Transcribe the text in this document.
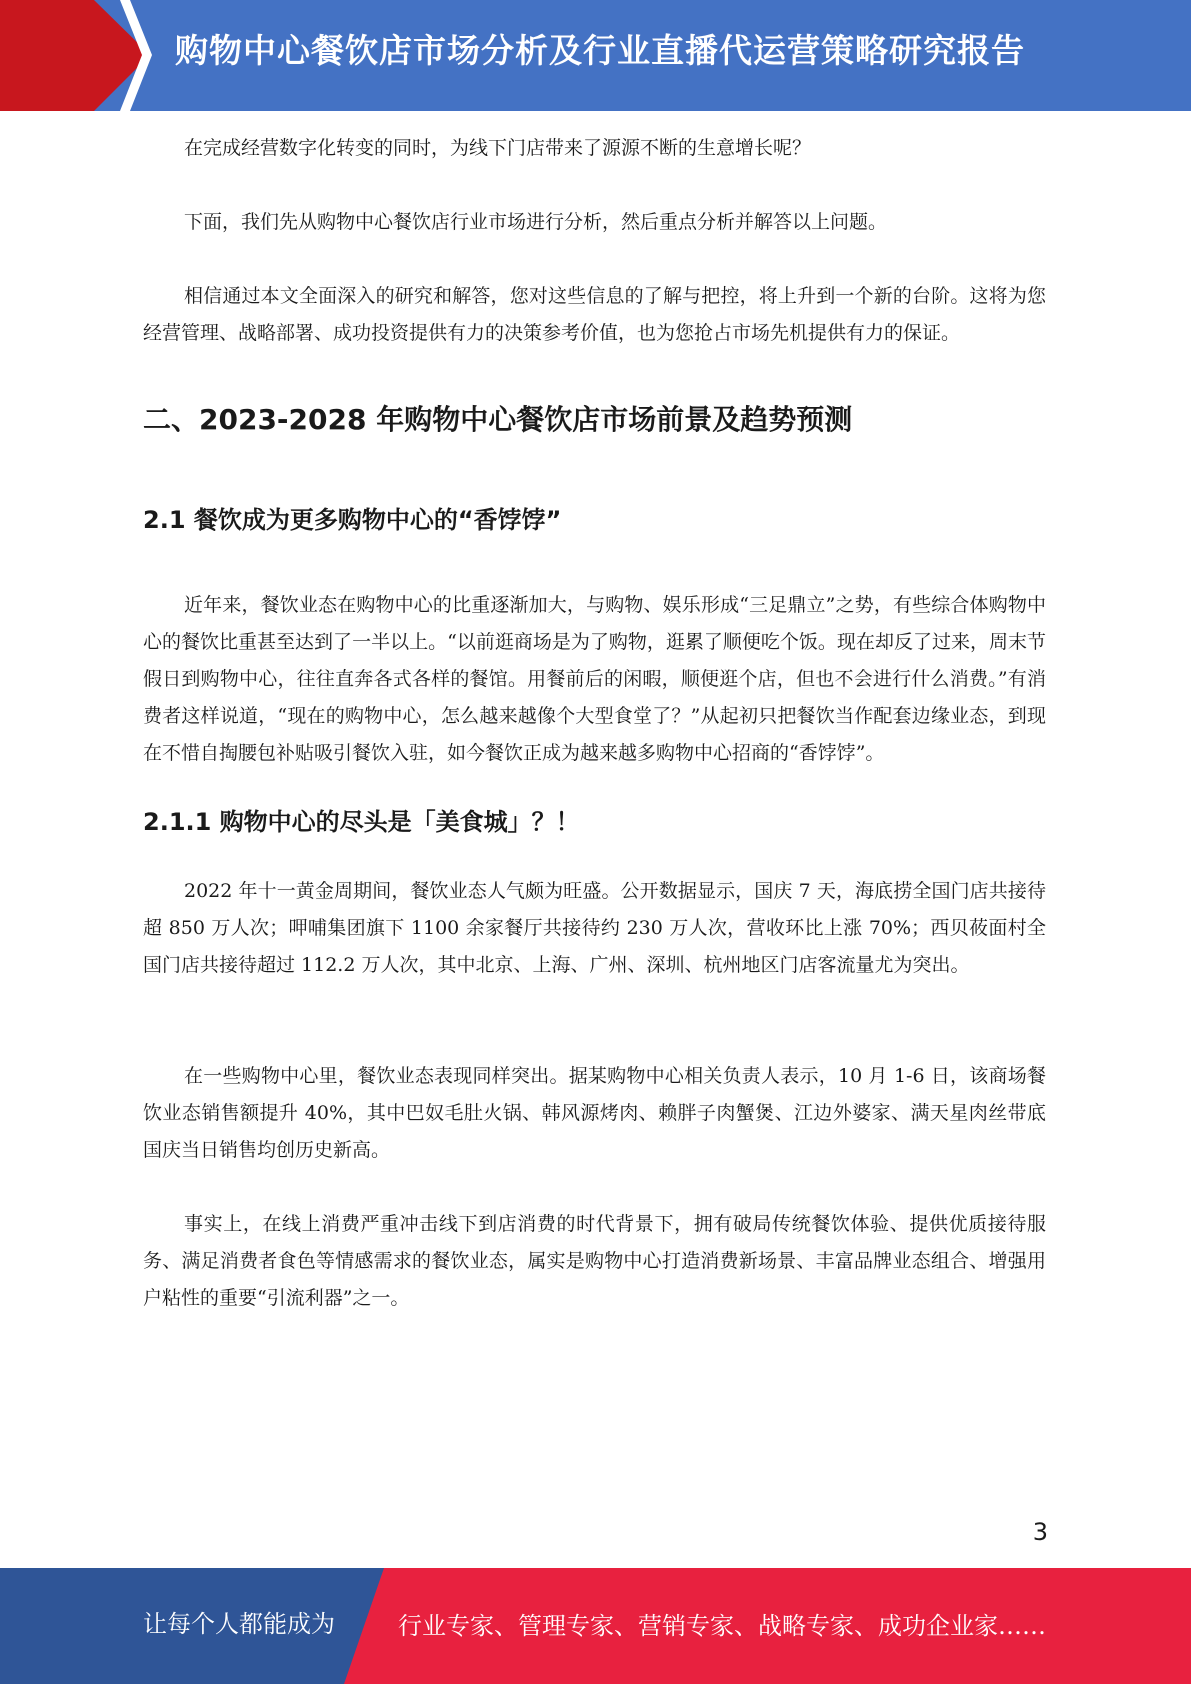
购物中心餐饮店市场分析及行业直播代运营策略研究报告

在完成经营数字化转变的同时，为线下门店带来了源源不断的生意增长呢？

下面，我们先从购物中心餐饮店行业市场进行分析，然后重点分析并解答以上问题。

相信通过本文全面深入的研究和解答，您对这些信息的了解与把控，将上升到一个新的台阶。这将为您经营管理、战略部署、成功投资提供有力的决策参考价值，也为您抢占市场先机提供有力的保证。

二、2023-2028 年购物中心餐饮店市场前景及趋势预测
2.1 餐饮成为更多购物中心的“香饽饽”

近年来，餐饮业态在购物中心的比重逐渐加大，与购物、娱乐形成“三足鼎立”之势，有些综合体购物中心的餐饮比重甚至达到了一半以上。“以前逛商场是为了购物，逛累了顺便吃个饭。现在却反了过来，周末节假日到购物中心，往往直奔各式各样的餐馆。用餐前后的闲暇，顺便逛个店，但也不会进行什么消费。”有消费者这样说道，“现在的购物中心，怎么越来越像个大型食堂了？”从起初只把餐饮当作配套边缘业态，到现在不惜自掏腰包补贴吸引餐饮入驻，如今餐饮正成为越来越多购物中心招商的“香饽饽”。

2.1.1 购物中心的尽头是「美食城」？！

2022 年十一黄金周期间，餐饮业态人气颇为旺盛。公开数据显示，国庆 7 天，海底捞全国门店共接待超 850 万人次；呷哺集团旗下 1100 余家餐厅共接待约 230 万人次，营收环比上涨 70%；西贝莜面村全国门店共接待超过 112.2 万人次，其中北京、上海、广州、深圳、杭州地区门店客流量尤为突出。

在一些购物中心里，餐饮业态表现同样突出。据某购物中心相关负责人表示，10 月 1-6 日，该商场餐饮业态销售额提升 40%，其中巴奴毛肚火锅、韩风源烤肉、赖胖子肉蟹煲、江边外婆家、满天星肉丝带底国庆当日销售均创历史新高。

事实上，在线上消费严重冲击线下到店消费的时代背景下，拥有破局传统餐饮体验、提供优质接待服务、满足消费者食色等情感需求的餐饮业态，属实是购物中心打造消费新场景、丰富品牌业态组合、增强用户粘性的重要“引流利器”之一。

3
让每个人都能成为	行业专家、管理专家、营销专家、战略专家、成功企业家……
